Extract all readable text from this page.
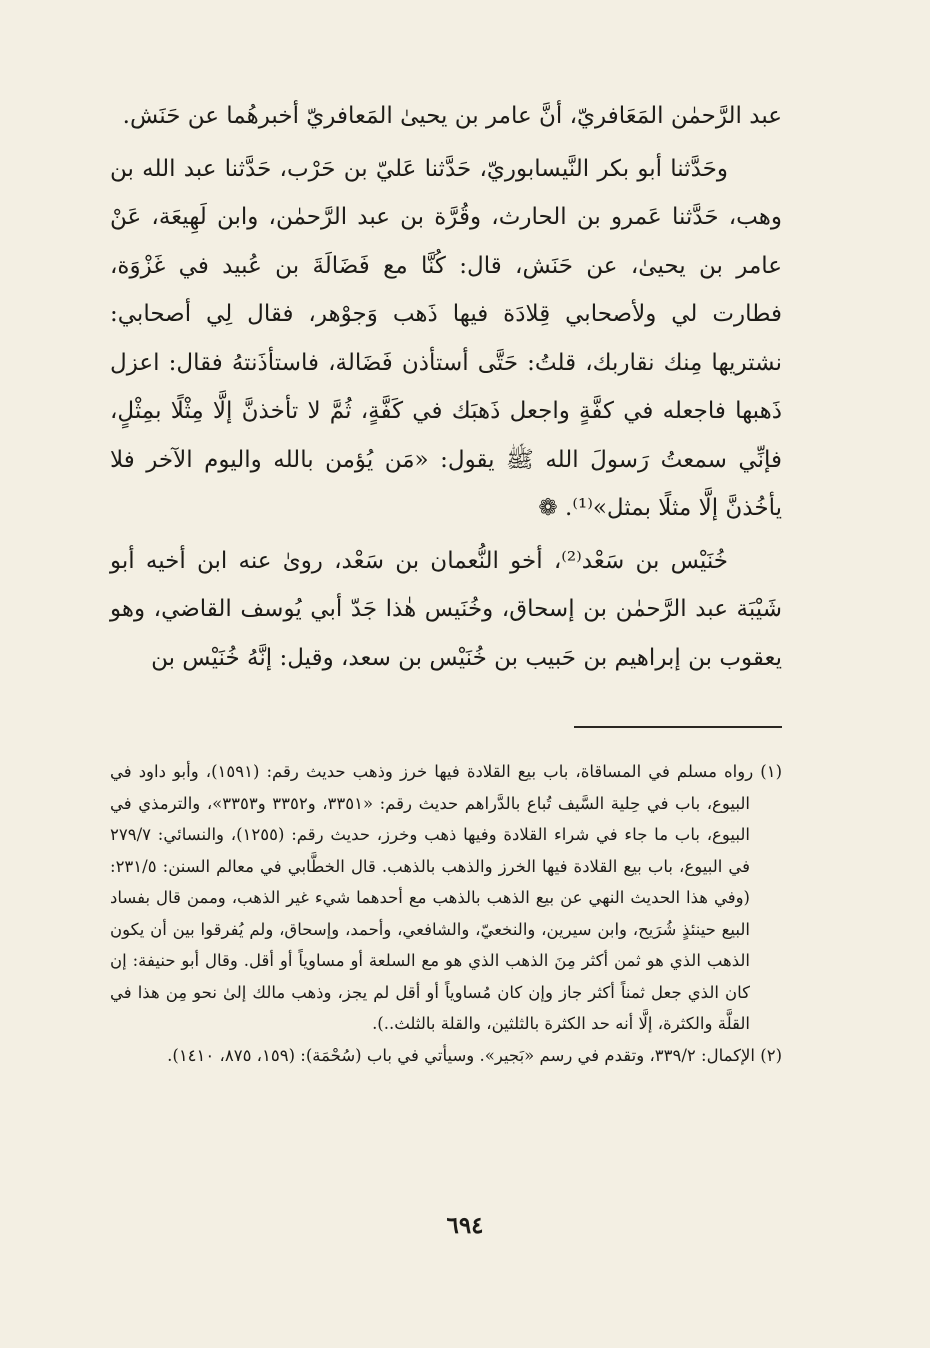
عبد الرَّحمٰن المَعَافريّ، أنَّ عامر بن يحيىٰ المَعافريّ أخبرهُما عن حَنَش.

وحَدَّثنا أبو بكر النَّيسابوريّ، حَدَّثنا عَليّ بن حَرْب، حَدَّثنا عبد الله بن وهب، حَدَّثنا عَمرو بن الحارث، وقُرَّة بن عبد الرَّحمٰن، وابن لَهِيعَة، عَنْ عامر بن يحيىٰ، عن حَنَش، قال: كُنَّا مع فَضَالَةَ بن عُبيد في غَزْوَة، فطارت لي ولأصحابي قِلادَة فيها ذَهب وَجوْهر، فقال لِي أصحابي: نشتريها مِنك نقاربك، قلتُ: حَتَّى أستأذن فَضَالة، فاستأذَنتهُ فقال: اعزل ذَهبها فاجعله في كفَّةٍ واجعل ذَهبَك في كَفَّةٍ، ثُمَّ لا تأخذنَّ إلَّا مِثْلًا بمِثْلٍ، فإنِّي سمعتُ رَسولَ الله ﷺ يقول: «مَن يُؤمن بالله واليوم الآخر فلا يأخُذنَّ إلَّا مثلًا بمثل»⁽¹⁾. ❁

خُنَيْس بن سَعْد⁽²⁾، أخو النُّعمان بن سَعْد، روىٰ عنه ابن أخيه أبو شَيْبَة عبد الرَّحمٰن بن إسحاق، وخُنَيس هٰذا جَدّ أبي يُوسف القاضي، وهو يعقوب بن إبراهيم بن حَبيب بن خُنَيْس بن سعد، وقيل: إنَّهُ خُنَيْس بن

(١) رواه مسلم في المساقاة، باب بيع القلادة فيها خرز وذهب حديث رقم: (١٥٩١)، وأبو داود في البيوع، باب في حِلية السَّيف تُباع بالدَّراهم حديث رقم: «٣٣٥١، و٣٣٥٢ و٣٣٥٣»، والترمذي في البيوع، باب ما جاء في شراء القلادة وفيها ذهب وخرز، حديث رقم: (١٢٥٥)، والنسائي: ٢٧٩/٧ في البيوع، باب بيع القلادة فيها الخرز والذهب بالذهب. قال الخطَّابي في معالم السنن: ٢٣١/٥: (وفي هذا الحديث النهي عن بيع الذهب بالذهب مع أحدهما شيء غير الذهب، وممن قال بفساد البيع حينئذٍ شُرَيح، وابن سيرين، والنخعيّ، والشافعي، وأحمد، وإسحاق، ولم يُفرقوا بين أن يكون الذهب الذي هو ثمن أكثر مِنَ الذهب الذي هو مع السلعة أو مساوياً أو أقل. وقال أبو حنيفة: إن كان الذي جعل ثمناً أكثر جاز وإن كان مُساوياً أو أقل لم يجز، وذهب مالك إلىٰ نحو مِن هذا في القلَّة والكثرة، إلَّا أنه حد الكثرة بالثلثين، والقلة بالثلث..).

(٢) الإكمال: ٣٣٩/٢، وتقدم في رسم «بَجير». وسيأتي في باب (سُحْمَة): (١٥٩، ٨٧٥، ١٤١٠).

٦٩٤
